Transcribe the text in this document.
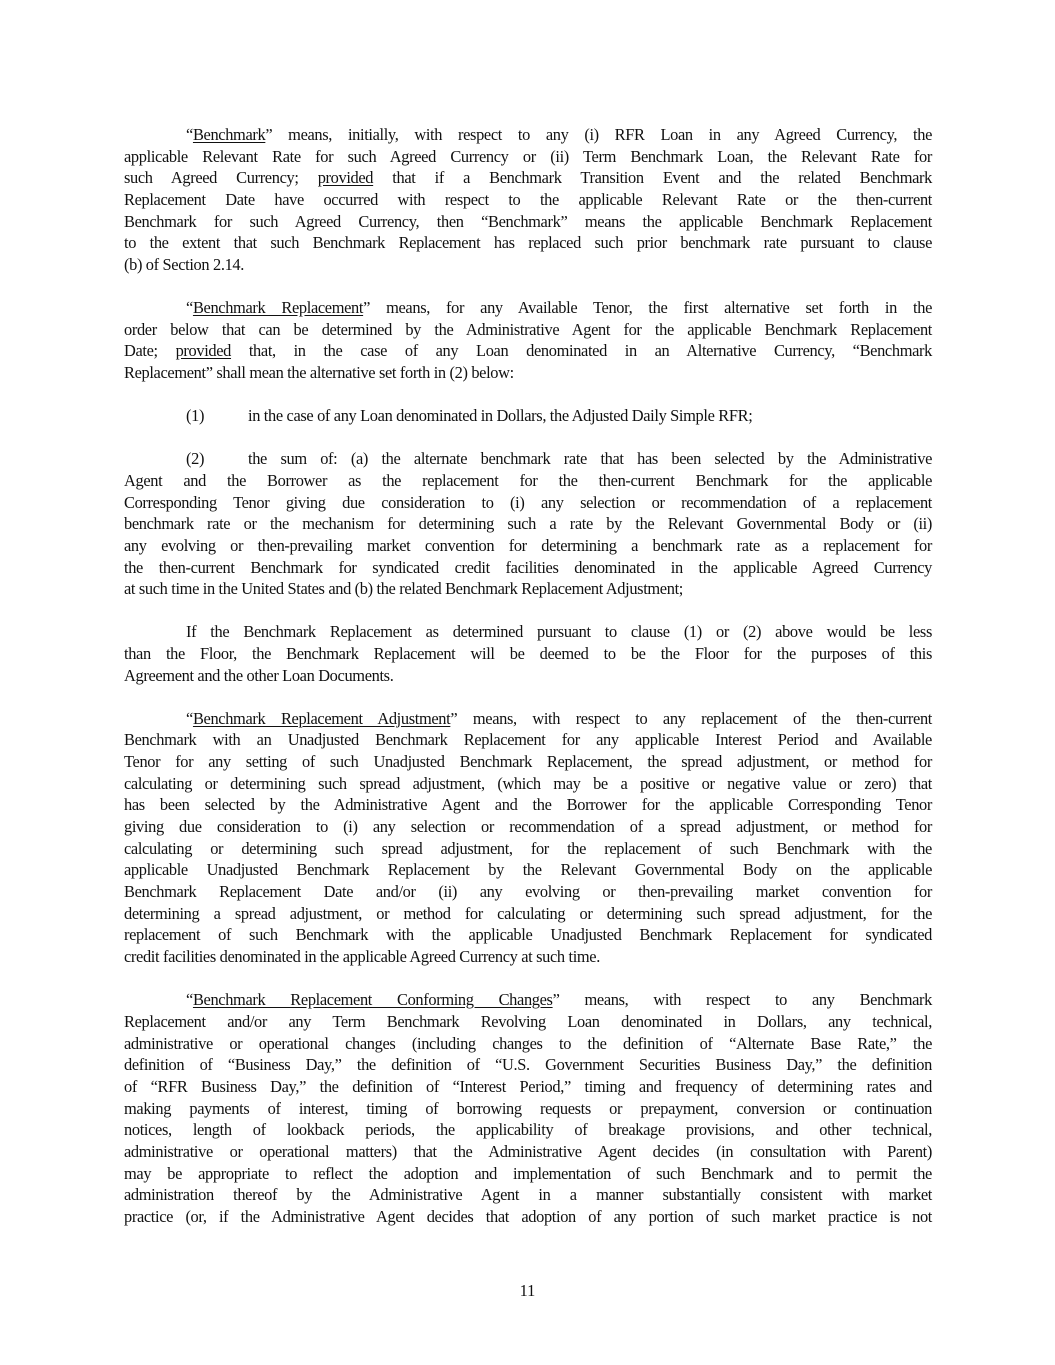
“Benchmark” means, initially, with respect to any (i) RFR Loan in any Agreed Currency, the
applicable Relevant Rate for such Agreed Currency or (ii) Term Benchmark Loan, the Relevant Rate for
such Agreed Currency; provided that if a Benchmark Transition Event and the related Benchmark
Replacement Date have occurred with respect to the applicable Relevant Rate or the then-current
Benchmark for such Agreed Currency, then “Benchmark” means the applicable Benchmark Replacement
to the extent that such Benchmark Replacement has replaced such prior benchmark rate pursuant to clause
(b) of Section 2.14.
“Benchmark Replacement” means, for any Available Tenor, the first alternative set forth in the
order below that can be determined by the Administrative Agent for the applicable Benchmark Replacement
Date; provided that, in the case of any Loan denominated in an Alternative Currency, “Benchmark
Replacement” shall mean the alternative set forth in (2) below:
(1)	in the case of any Loan denominated in Dollars, the Adjusted Daily Simple RFR;
(2)	the sum of: (a) the alternate benchmark rate that has been selected by the Administrative
Agent and the Borrower as the replacement for the then-current Benchmark for the applicable
Corresponding Tenor giving due consideration to (i) any selection or recommendation of a replacement
benchmark rate or the mechanism for determining such a rate by the Relevant Governmental Body or (ii)
any evolving or then-prevailing market convention for determining a benchmark rate as a replacement for
the then-current Benchmark for syndicated credit facilities denominated in the applicable Agreed Currency
at such time in the United States and (b) the related Benchmark Replacement Adjustment;
If the Benchmark Replacement as determined pursuant to clause (1) or (2) above would be less
than the Floor, the Benchmark Replacement will be deemed to be the Floor for the purposes of this
Agreement and the other Loan Documents.
“Benchmark Replacement Adjustment” means, with respect to any replacement of the then-current
Benchmark with an Unadjusted Benchmark Replacement for any applicable Interest Period and Available
Tenor for any setting of such Unadjusted Benchmark Replacement, the spread adjustment, or method for
calculating or determining such spread adjustment, (which may be a positive or negative value or zero) that
has been selected by the Administrative Agent and the Borrower for the applicable Corresponding Tenor
giving due consideration to (i) any selection or recommendation of a spread adjustment, or method for
calculating or determining such spread adjustment, for the replacement of such Benchmark with the
applicable Unadjusted Benchmark Replacement by the Relevant Governmental Body on the applicable
Benchmark Replacement Date and/or (ii) any evolving or then-prevailing market convention for
determining a spread adjustment, or method for calculating or determining such spread adjustment, for the
replacement of such Benchmark with the applicable Unadjusted Benchmark Replacement for syndicated
credit facilities denominated in the applicable Agreed Currency at such time.
“Benchmark Replacement Conforming Changes” means, with respect to any Benchmark
Replacement and/or any Term Benchmark Revolving Loan denominated in Dollars, any technical,
administrative or operational changes (including changes to the definition of “Alternate Base Rate,” the
definition of “Business Day,” the definition of “U.S. Government Securities Business Day,” the definition
of “RFR Business Day,” the definition of “Interest Period,” timing and frequency of determining rates and
making payments of interest, timing of borrowing requests or prepayment, conversion or continuation
notices, length of lookback periods, the applicability of breakage provisions, and other technical,
administrative or operational matters) that the Administrative Agent decides (in consultation with Parent)
may be appropriate to reflect the adoption and implementation of such Benchmark and to permit the
administration thereof by the Administrative Agent in a manner substantially consistent with market
practice (or, if the Administrative Agent decides that adoption of any portion of such market practice is not
11
